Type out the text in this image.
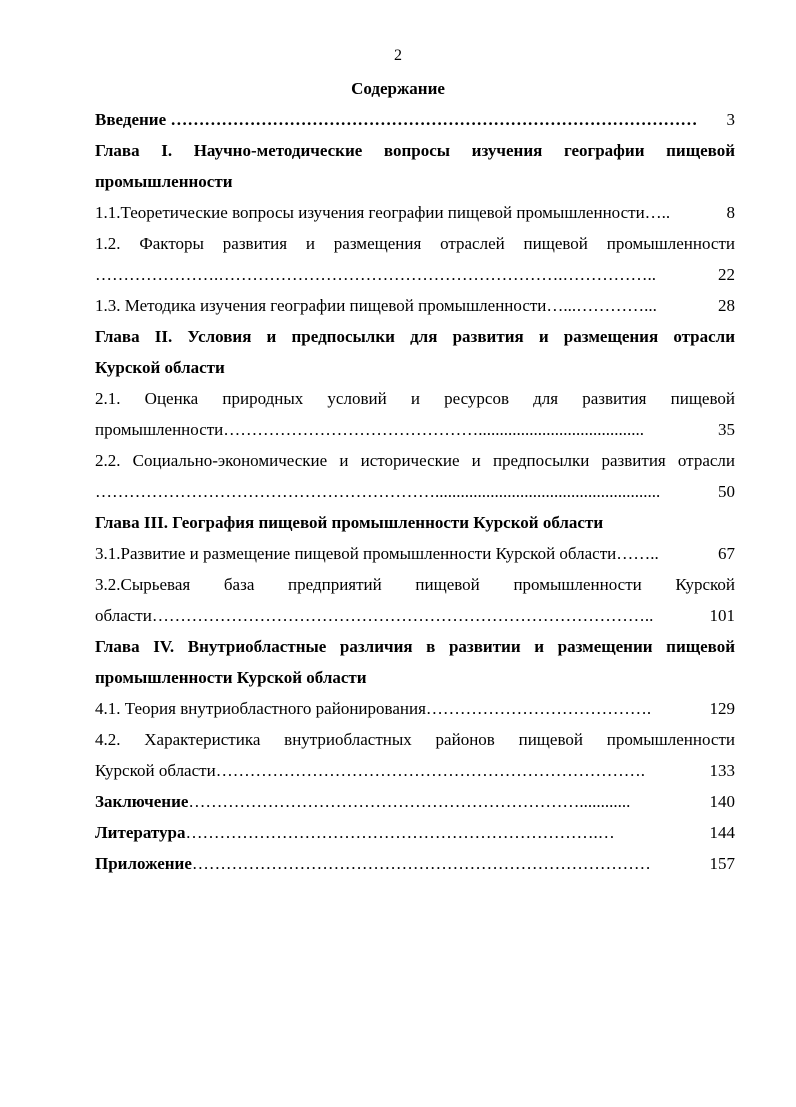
2
Содержание
Введение … ………………………………………………………………………………	3
Глава I. Научно-методические вопросы изучения географии пищевой
промышленности
1.1.Теоретические вопросы изучения географии пищевой промышленности …..	8
1.2. Факторы развития и размещения отраслей пищевой промышленности
………………….…………………………………………………….……………..	22
1.3. Методика изучения географии пищевой промышленности …...…………...	28
Глава II. Условия и предпосылки для развития и размещения отрасли
Курской области
2.1. Оценка природных условий и ресурсов для развития пищевой
промышленности ……………………………………….......................................	35
2.2. Социально-экономические и исторические и предпосылки развития отрасли
…………………………………………………….....................................................	50
Глава III. География пищевой промышленности Курской области
3.1.Развитие и размещение пищевой промышленности Курской области ……..	67
3.2.Сырьевая база предприятий пищевой промышленности Курской
области ……………………………………………………………………………..	101
Глава IV. Внутриобластные различия в развитии и размещении пищевой
промышленности Курской области
4.1. Теория внутриобластного районирования ………………………………….	129
4.2. Характеристика внутриобластных районов пищевой промышленности
Курской области ………………………………………………………………….	133
Заключение ……………………………………………………………............	140
Литература ……………………………………………………………….…	144
Приложение ………………………………………………………………………	157
